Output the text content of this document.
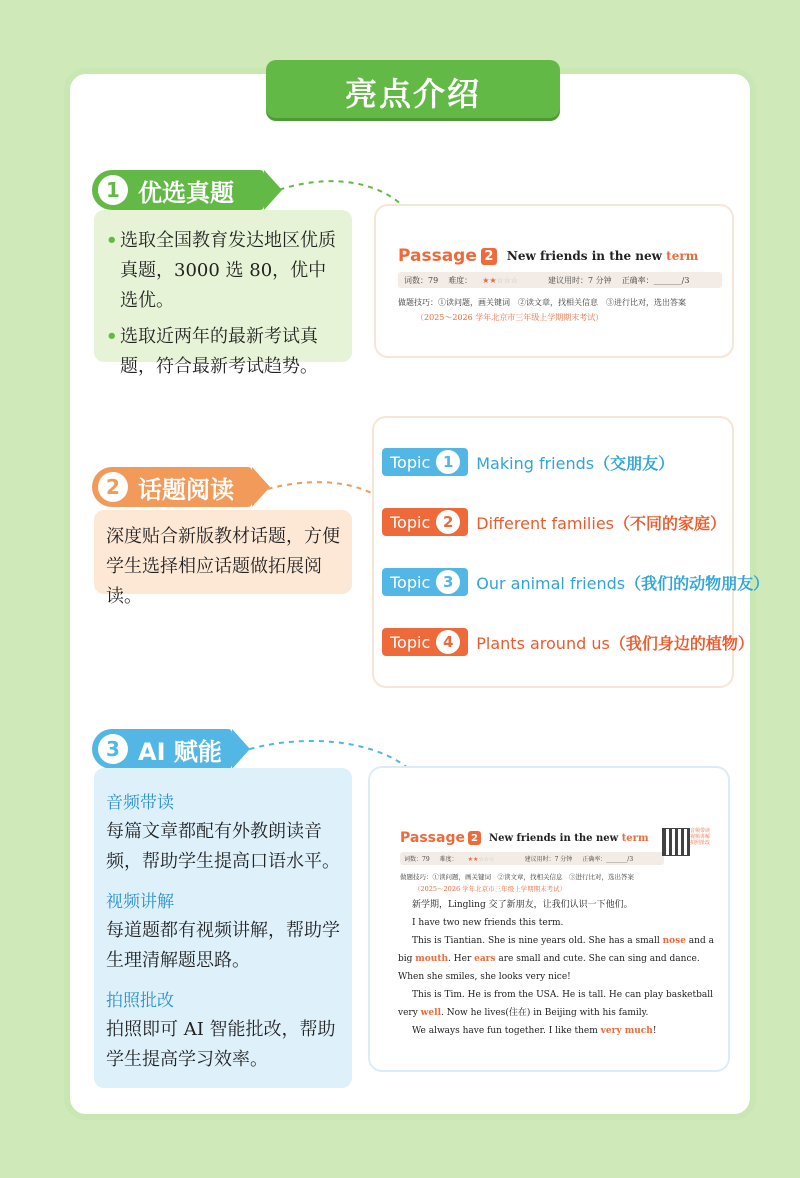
亮点介绍
1 优选真题
• 选取全国教育发达地区优质真题，3000 选 80，优中选优。
• 选取近两年的最新考试真题，符合最新考试趋势。
Passage 2 New friends in the new term
词数：79 难度： ★★☆☆☆	建议用时：7 分钟 正确率：_______/3
做题技巧：①读问题，画关键词　②读文章，找相关信息　③进行比对，选出答案
（2025～2026 学年北京市三年级上学期期末考试）
2 话题阅读
深度贴合新版教材话题，方便学生选择相应话题做拓展阅读。
Topic 1	Making friends（交朋友）
Topic 2	Different families（不同的家庭）
Topic 3	Our animal friends（我们的动物朋友）
Topic 4	Plants around us（我们身边的植物）
3 AI 赋能
音频带读
每篇文章都配有外教朗读音频，帮助学生提高口语水平。
视频讲解
每道题都有视频讲解，帮助学生理清解题思路。
拍照批改
拍照即可 AI 智能批改，帮助学生提高学习效率。
Passage 2	New friends in the new term
词数：79 难度： ★★☆☆☆	建议用时：7 分钟 正确率：_______/3
做题技巧：①读问题，画关键词　②读文章，找相关信息　③进行比对，选出答案
（2025～2026 学年北京市三年级上学期期末考试）
音频带读 视频讲解 拍照批改

新学期，Lingling 交了新朋友，让我们认识一下他们。

I have two new friends this term.

This is Tiantian. She is nine years old. She has a small nose and a big mouth. Her ears are small and cute. She can sing and dance. When she smiles, she looks very nice!

This is Tim. He is from the USA. He is tall. He can play basketball very well. Now he lives(住在) in Beijing with his family.

We always have fun together. I like them very much!
